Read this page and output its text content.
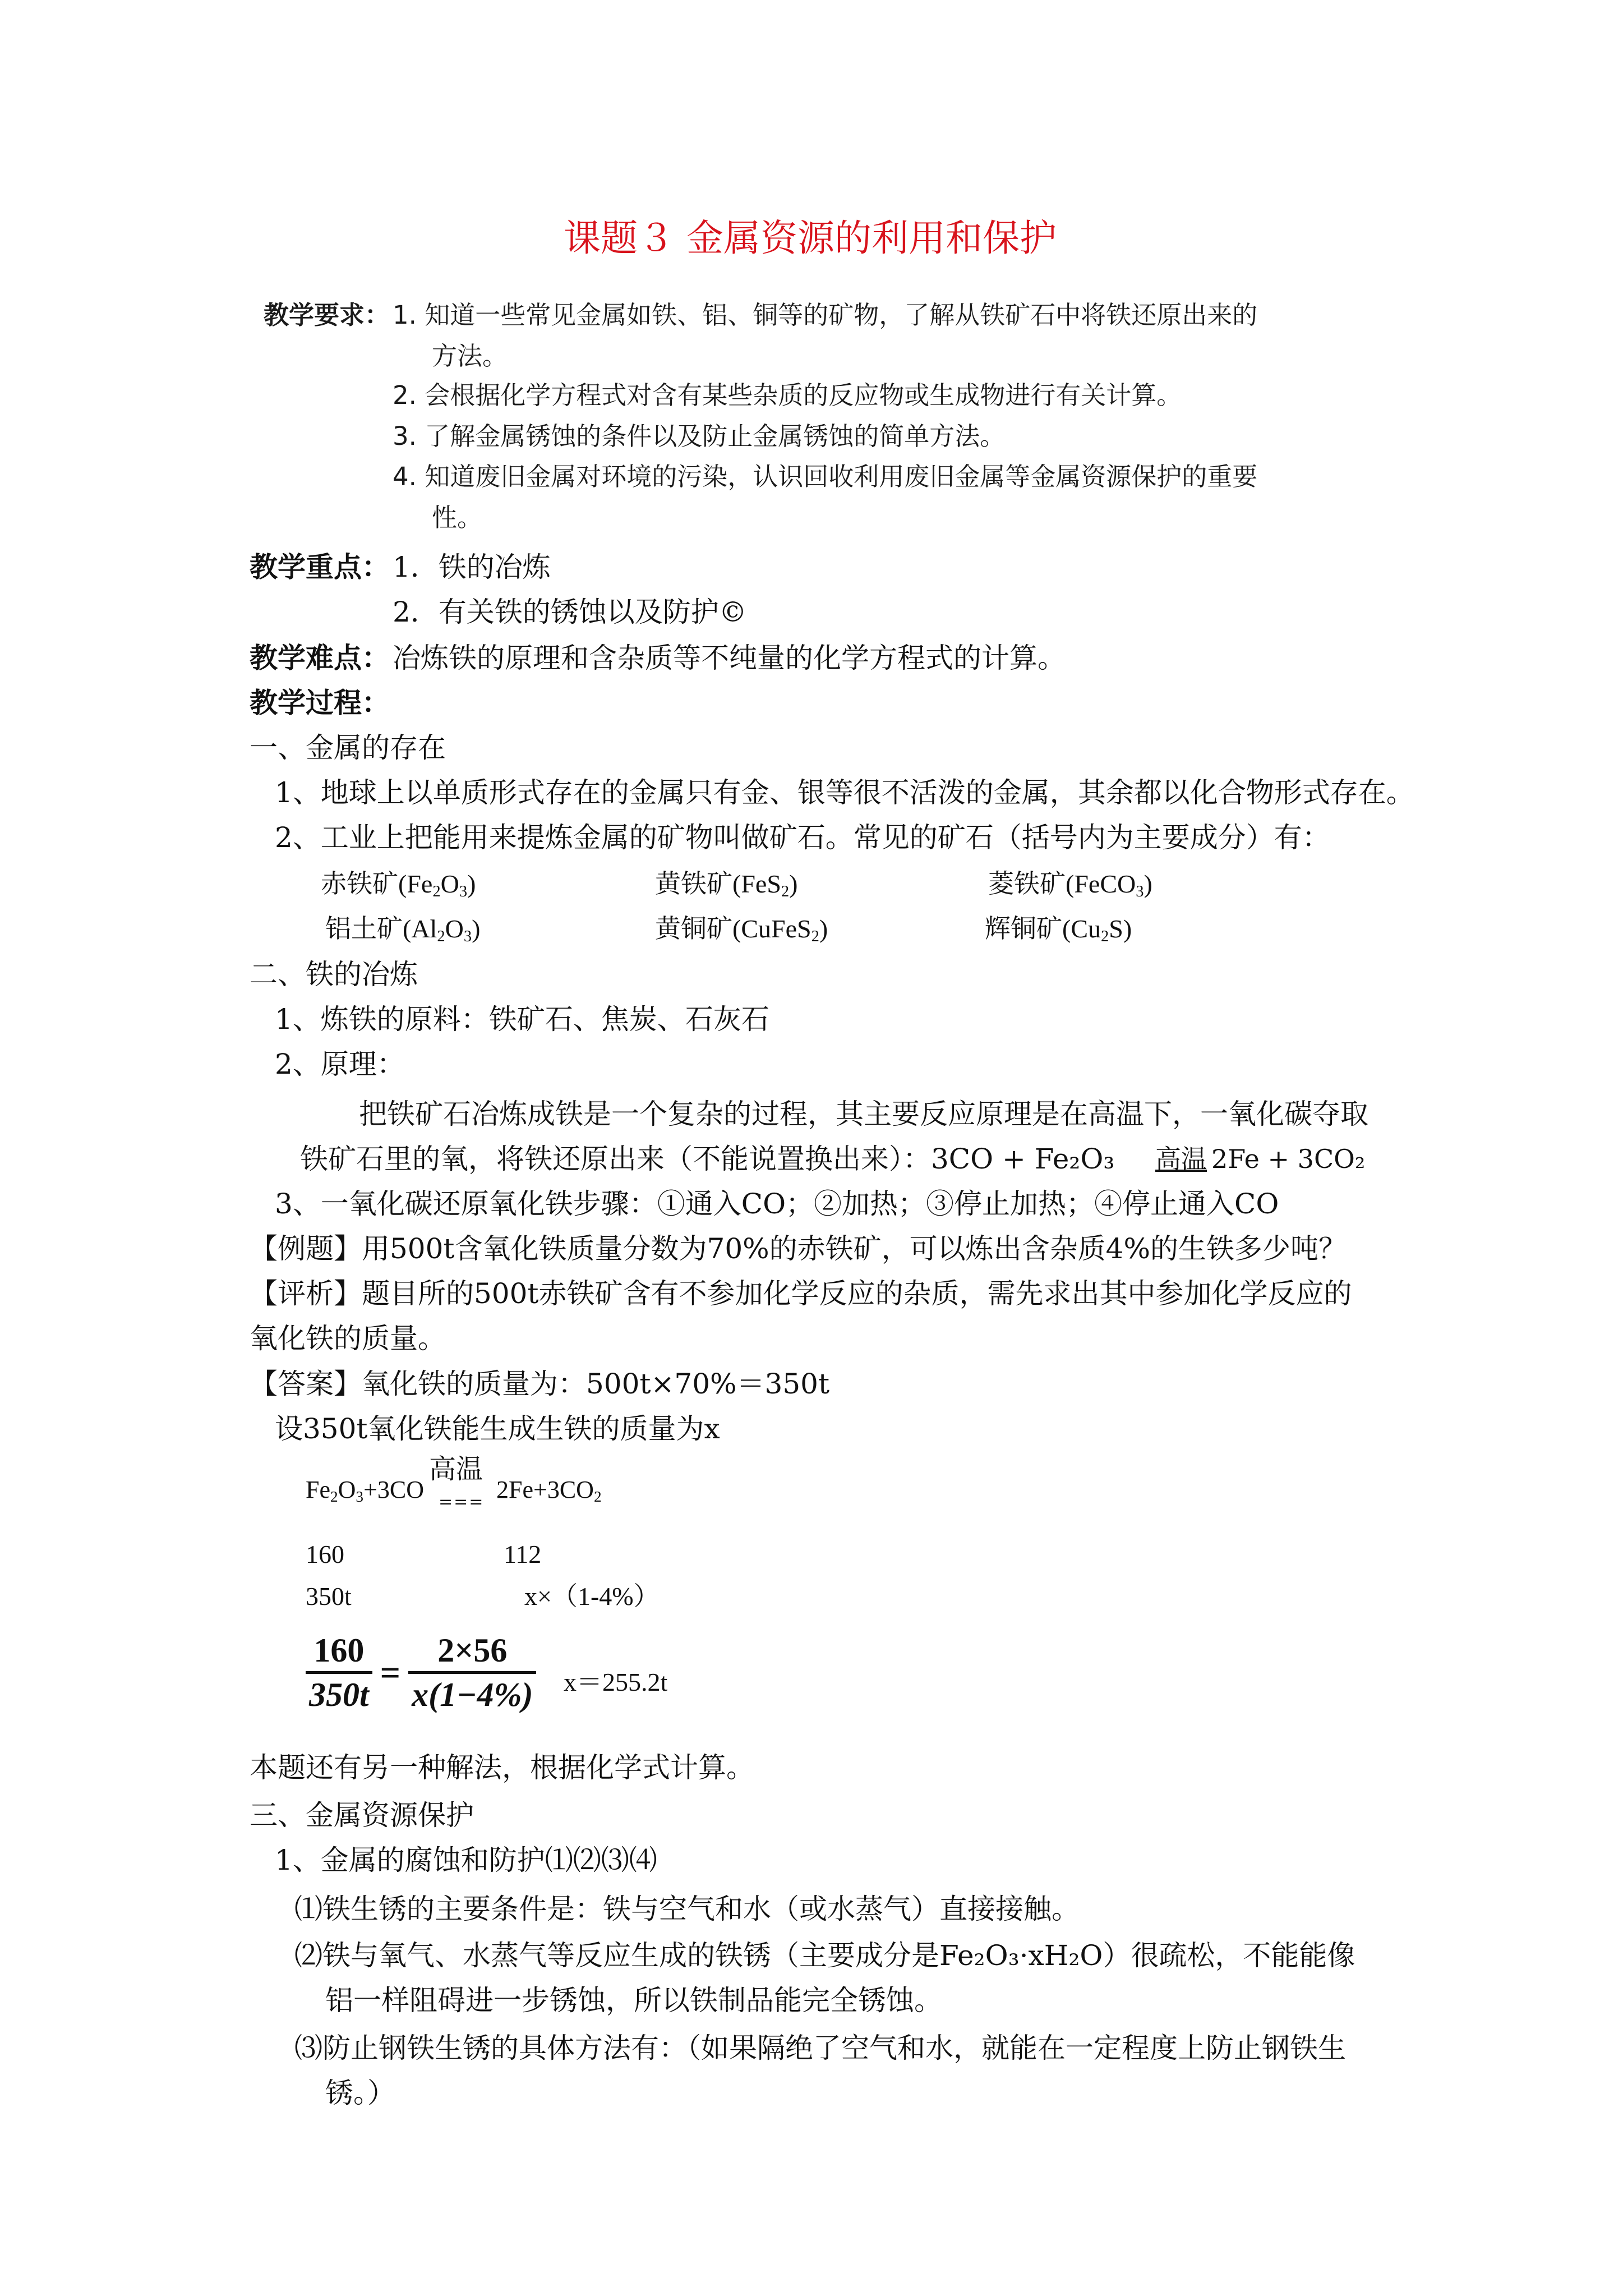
课题３ 金属资源的利用和保护
教学要求： 1. 知道一些常见金属如铁、铝、铜等的矿物，了解从铁矿石中将铁还原出来的
方法。
2. 会根据化学方程式对含有某些杂质的反应物或生成物进行有关计算。
3. 了解金属锈蚀的条件以及防止金属锈蚀的简单方法。
4. 知道废旧金属对环境的污染，认识回收利用废旧金属等金属资源保护的重要
性。
教学重点： 1．铁的冶炼
2．有关铁的锈蚀以及防护©
教学难点： 冶炼铁的原理和含杂质等不纯量的化学方程式的计算。
教学过程：
一、金属的存在
1、地球上以单质形式存在的金属只有金、银等很不活泼的金属，其余都以化合物形式存在。
2、工业上把能用来提炼金属的矿物叫做矿石。常见的矿石（括号内为主要成分）有：
赤铁矿$(Fe_2O_3)$	黄铁矿(FeS$_2$)	菱铁矿(FeCO$_3$)
铝土矿$(Al_2O_3)$	黄铜矿(CuFeS$_2$)	辉铜矿$(Cu_2S)$
二、铁的冶炼
1、炼铁的原料：铁矿石、焦炭、石灰石
2、原理：
把铁矿石冶炼成铁是一个复杂的过程，其主要反应原理是在高温下，一氧化碳夺取
铁矿石里的氧，将铁还原出来（不能说置换出来）：3CO + Fe₂O₃ 高温 2Fe + 3CO₂
3、一氧化碳还原氧化铁步骤：①通入CO；②加热；③停止加热；④停止通入CO
【例题】用500t含氧化铁质量分数为70%的赤铁矿，可以炼出含杂质4%的生铁多少吨？
【评析】题目所的500t赤铁矿含有不参加化学反应的杂质，需先求出其中参加化学反应的
氧化铁的质量。
【答案】氧化铁的质量为：500t×70%＝350t
设350t氧化铁能生成生铁的质量为x
$Fe_2O_3+3CO$
高温
=== $2Fe+3CO_2$
160	112
350t	x×（1-4%）
160
350t
=
2×56
x(1−4%) x＝255.2t
本题还有另一种解法，根据化学式计算。
三、金属资源保护
1、金属的腐蚀和防护⑴⑵⑶⑷
⑴铁生锈的主要条件是：铁与空气和水（或水蒸气）直接接触。
⑵铁与氧气、水蒸气等反应生成的铁锈（主要成分是Fe₂O₃·xH₂O）很疏松，不能能像
铝一样阻碍进一步锈蚀，所以铁制品能完全锈蚀。
⑶防止钢铁生锈的具体方法有：（如果隔绝了空气和水，就能在一定程度上防止钢铁生
锈。）
